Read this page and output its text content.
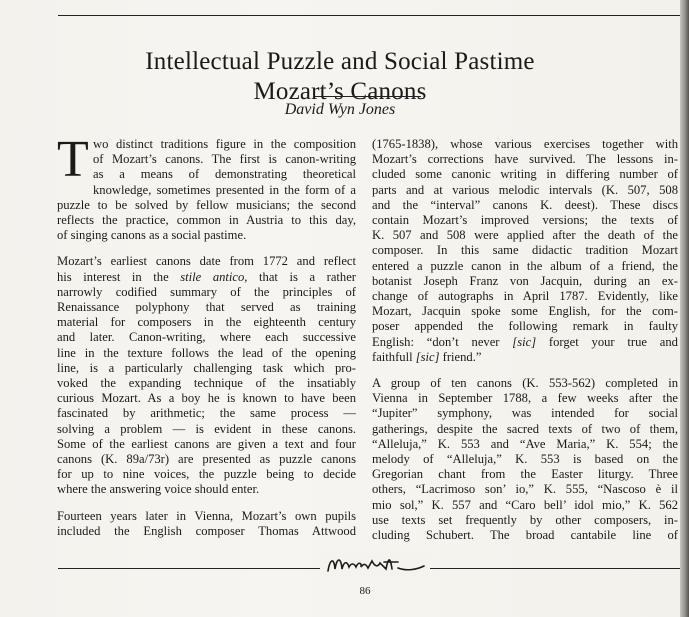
Intellectual Puzzle and Social Pastime
Mozart’s Canons
David Wyn Jones

T wo distinct traditions figure in the composition
of Mozart’s canons. The first is canon-writing
as a means of demonstrating theoretical
knowledge, sometimes presented in the form of a
puzzle to be solved by fellow musicians; the second
reflects the practice, common in Austria to this day,
of singing canons as a social pastime.

Mozart’s earliest canons date from 1772 and reflect
his interest in the stile antico, that is a rather
narrowly codified summary of the principles of
Renaissance polyphony that served as training
material for composers in the eighteenth century
and later. Canon-writing, where each successive
line in the texture follows the lead of the opening
line, is a particularly challenging task which pro-
voked the expanding technique of the insatiably
curious Mozart. As a boy he is known to have been
fascinated by arithmetic; the same process —
solving a problem — is evident in these canons.
Some of the earliest canons are given a text and four
canons (K. 89a/73r) are presented as puzzle canons
for up to nine voices, the puzzle being to decide
where the answering voice should enter.

Fourteen years later in Vienna, Mozart’s own pupils
included the English composer Thomas Attwood

(1765-1838), whose various exercises together with
Mozart’s corrections have survived. The lessons in-
cluded some canonic writing in differing number of
parts and at various melodic intervals (K. 507, 508
and the “interval” canons K. deest). These discs
contain Mozart’s improved versions; the texts of
K. 507 and 508 were applied after the death of the
composer. In this same didactic tradition Mozart
entered a puzzle canon in the album of a friend, the
botanist Joseph Franz von Jacquin, during an ex-
change of autographs in April 1787. Evidently, like
Mozart, Jacquin spoke some English, for the com-
poser appended the following remark in faulty
English: “don’t never [sic] forget your true and
faithfull [sic] friend.”

A group of ten canons (K. 553-562) completed in
Vienna in September 1788, a few weeks after the
“Jupiter” symphony, was intended for social
gatherings, despite the sacred texts of two of them,
“Alleluja,” K. 553 and “Ave Maria,” K. 554; the
melody of “Alleluja,” K. 553 is based on the
Gregorian chant from the Easter liturgy. Three
others, “Lacrimoso son’ io,” K. 555, “Nascoso è il
mio sol,” K. 557 and “Caro bell’ idol mio,” K. 562
use texts set frequently by other composers, in-
cluding Schubert. The broad cantabile line of

86
